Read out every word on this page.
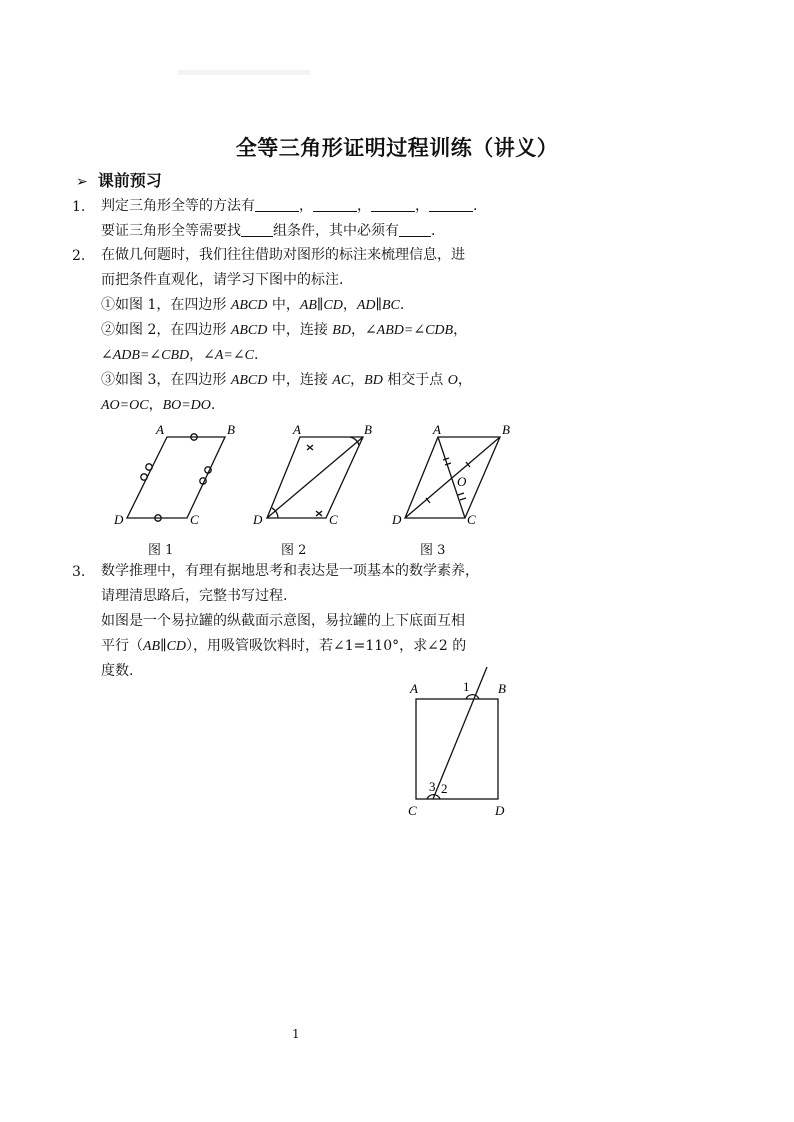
全等三角形证明过程训练（讲义）
➢ 课前预习
1. 判定三角形全等的方法有	，	，	，	.
要证三角形全等需要找 组条件，其中必须有 .
2. 在做几何题时，我们往往借助对图形的标注来梳理信息，进
而把条件直观化，请学习下图中的标注.
①如图 1，在四边形 ABCD 中，AB∥CD，AD∥BC.
②如图 2，在四边形 ABCD 中，连接 BD，∠ABD=∠CDB，
∠ADB=∠CBD，∠A=∠C.
③如图 3，在四边形 ABCD 中，连接 AC，BD 相交于点 O，
AO=OC，BO=DO.
A	B
D	C
A	B
D	C
A	B
D	C
O
图 1	图 2	图 3
3. 数学推理中，有理有据地思考和表达是一项基本的数学素养，
请理清思路后，完整书写过程.
如图是一个易拉罐的纵截面示意图，易拉罐的上下底面互相
平行（AB∥CD），用吸管吸饮料时，若∠1=110°，求∠2 的
度数.
A	B
C	D
1
2
3
1
